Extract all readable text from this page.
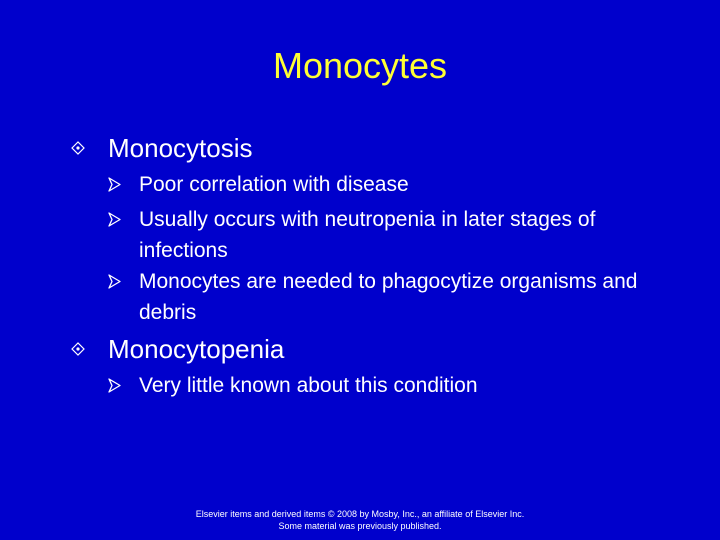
Monocytes
Monocytosis
Poor correlation with disease
Usually occurs with neutropenia in later stages of infections
Monocytes are needed to phagocytize organisms and debris
Monocytopenia
Very little known about this condition
Elsevier items and derived items © 2008 by Mosby, Inc., an affiliate of Elsevier Inc.
Some material was previously published.
